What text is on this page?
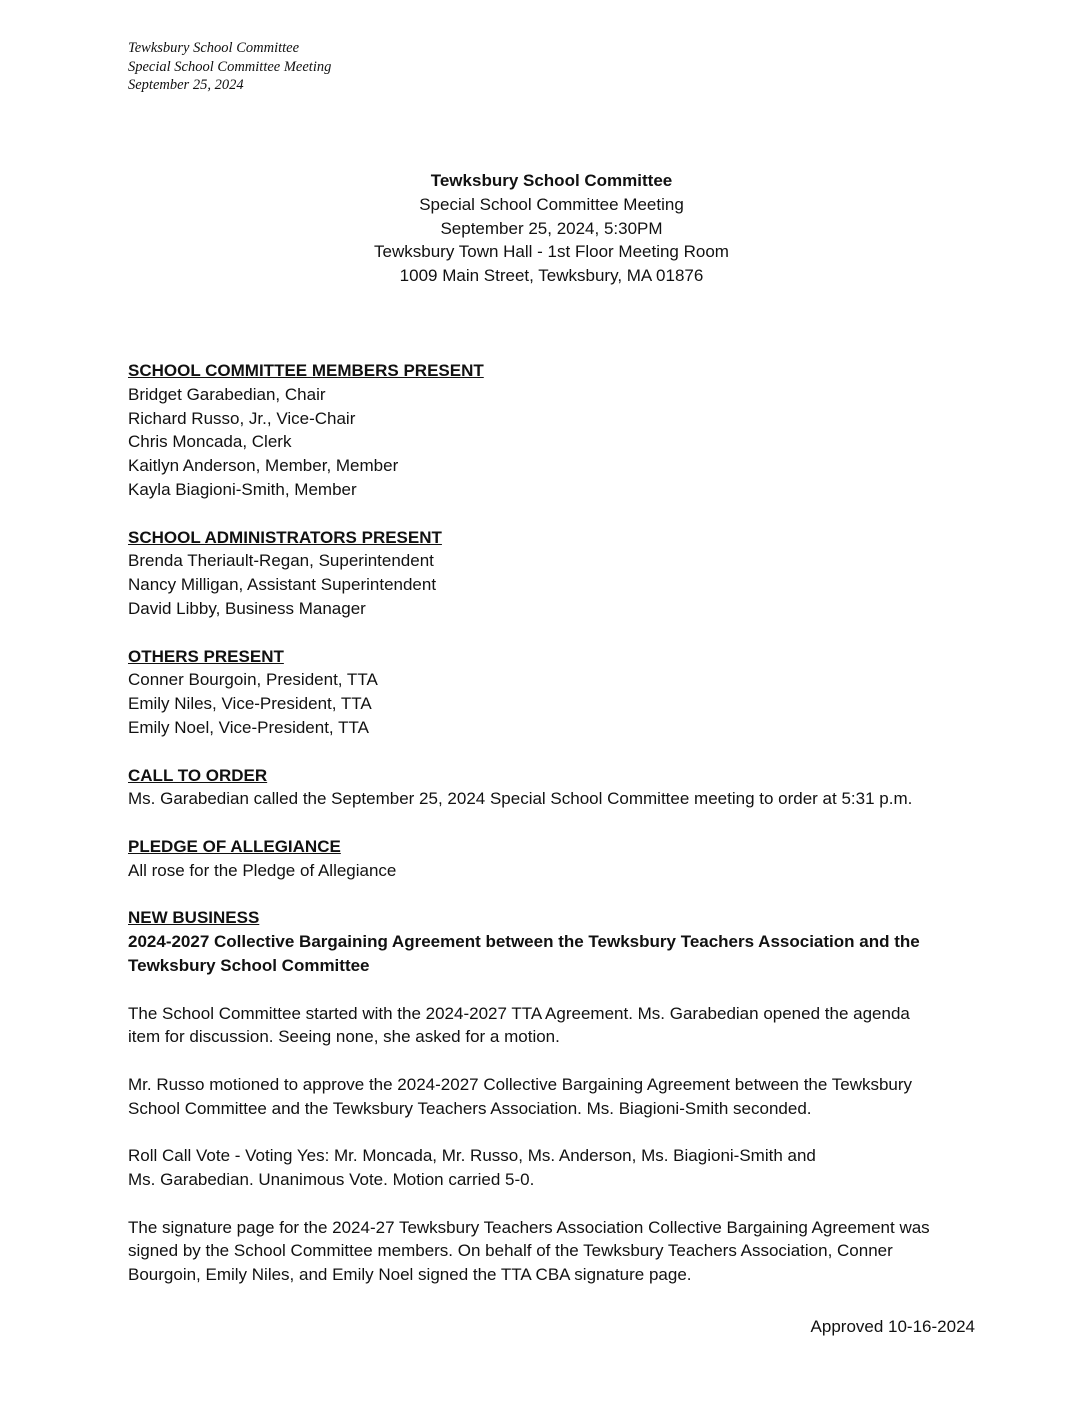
Tewksbury School Committee
Special School Committee Meeting
September 25, 2024
Tewksbury School Committee
Special School Committee Meeting
September 25, 2024, 5:30PM
Tewksbury Town Hall - 1st Floor Meeting Room
1009 Main Street, Tewksbury, MA 01876
SCHOOL COMMITTEE MEMBERS PRESENT
Bridget Garabedian, Chair
Richard Russo, Jr., Vice-Chair
Chris Moncada, Clerk
Kaitlyn Anderson, Member, Member
Kayla Biagioni-Smith, Member
SCHOOL ADMINISTRATORS PRESENT
Brenda Theriault-Regan, Superintendent
Nancy Milligan, Assistant Superintendent
David Libby, Business Manager
OTHERS PRESENT
Conner Bourgoin, President, TTA
Emily Niles, Vice-President, TTA
Emily Noel, Vice-President, TTA
CALL TO ORDER
Ms. Garabedian called the September 25, 2024 Special School Committee meeting to order at 5:31 p.m.
PLEDGE OF ALLEGIANCE
All rose for the Pledge of Allegiance
NEW BUSINESS
2024-2027 Collective Bargaining Agreement between the Tewksbury Teachers Association and the
Tewksbury School Committee
The School Committee started with the 2024-2027 TTA Agreement. Ms. Garabedian opened the agenda
item for discussion. Seeing none, she asked for a motion.
Mr. Russo motioned to approve the 2024-2027 Collective Bargaining Agreement between the Tewksbury
School Committee and the Tewksbury Teachers Association. Ms. Biagioni-Smith seconded.
Roll Call Vote - Voting Yes: Mr. Moncada, Mr. Russo, Ms. Anderson, Ms. Biagioni-Smith and
Ms. Garabedian. Unanimous Vote. Motion carried 5-0.
The signature page for the 2024-27 Tewksbury Teachers Association Collective Bargaining Agreement was
signed by the School Committee members. On behalf of the Tewksbury Teachers Association, Conner
Bourgoin, Emily Niles, and Emily Noel signed the TTA CBA signature page.
Approved 10-16-2024
